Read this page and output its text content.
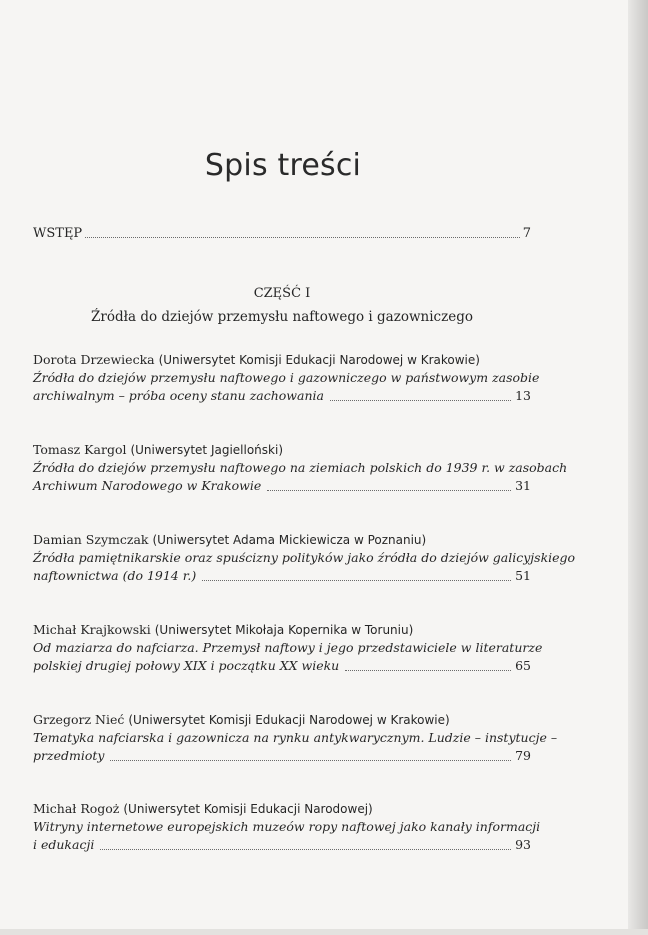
Spis treści
WSTĘP	7
CZĘŚĆ I
Źródła do dziejów przemysłu naftowego i gazowniczego
Dorota Drzewiecka (Uniwersytet Komisji Edukacji Narodowej w Krakowie)
Źródła do dziejów przemysłu naftowego i gazowniczego w państwowym zasobie
archiwalnym – próba oceny stanu zachowania	13
Tomasz Kargol (Uniwersytet Jagielloński)
Źródła do dziejów przemysłu naftowego na ziemiach polskich do 1939 r. w zasobach
Archiwum Narodowego w Krakowie	31
Damian Szymczak (Uniwersytet Adama Mickiewicza w Poznaniu)
Źródła pamiętnikarskie oraz spuścizny polityków jako źródła do dziejów galicyjskiego
naftownictwa (do 1914 r.)	51
Michał Krajkowski (Uniwersytet Mikołaja Kopernika w Toruniu)
Od maziarza do nafciarza. Przemysł naftowy i jego przedstawiciele w literaturze
polskiej drugiej połowy XIX i początku XX wieku	65
Grzegorz Nieć (Uniwersytet Komisji Edukacji Narodowej w Krakowie)
Tematyka nafciarska i gazownicza na rynku antykwarycznym. Ludzie – instytucje –
przedmioty	79
Michał Rogoż (Uniwersytet Komisji Edukacji Narodowej)
Witryny internetowe europejskich muzeów ropy naftowej jako kanały informacji
i edukacji	93
